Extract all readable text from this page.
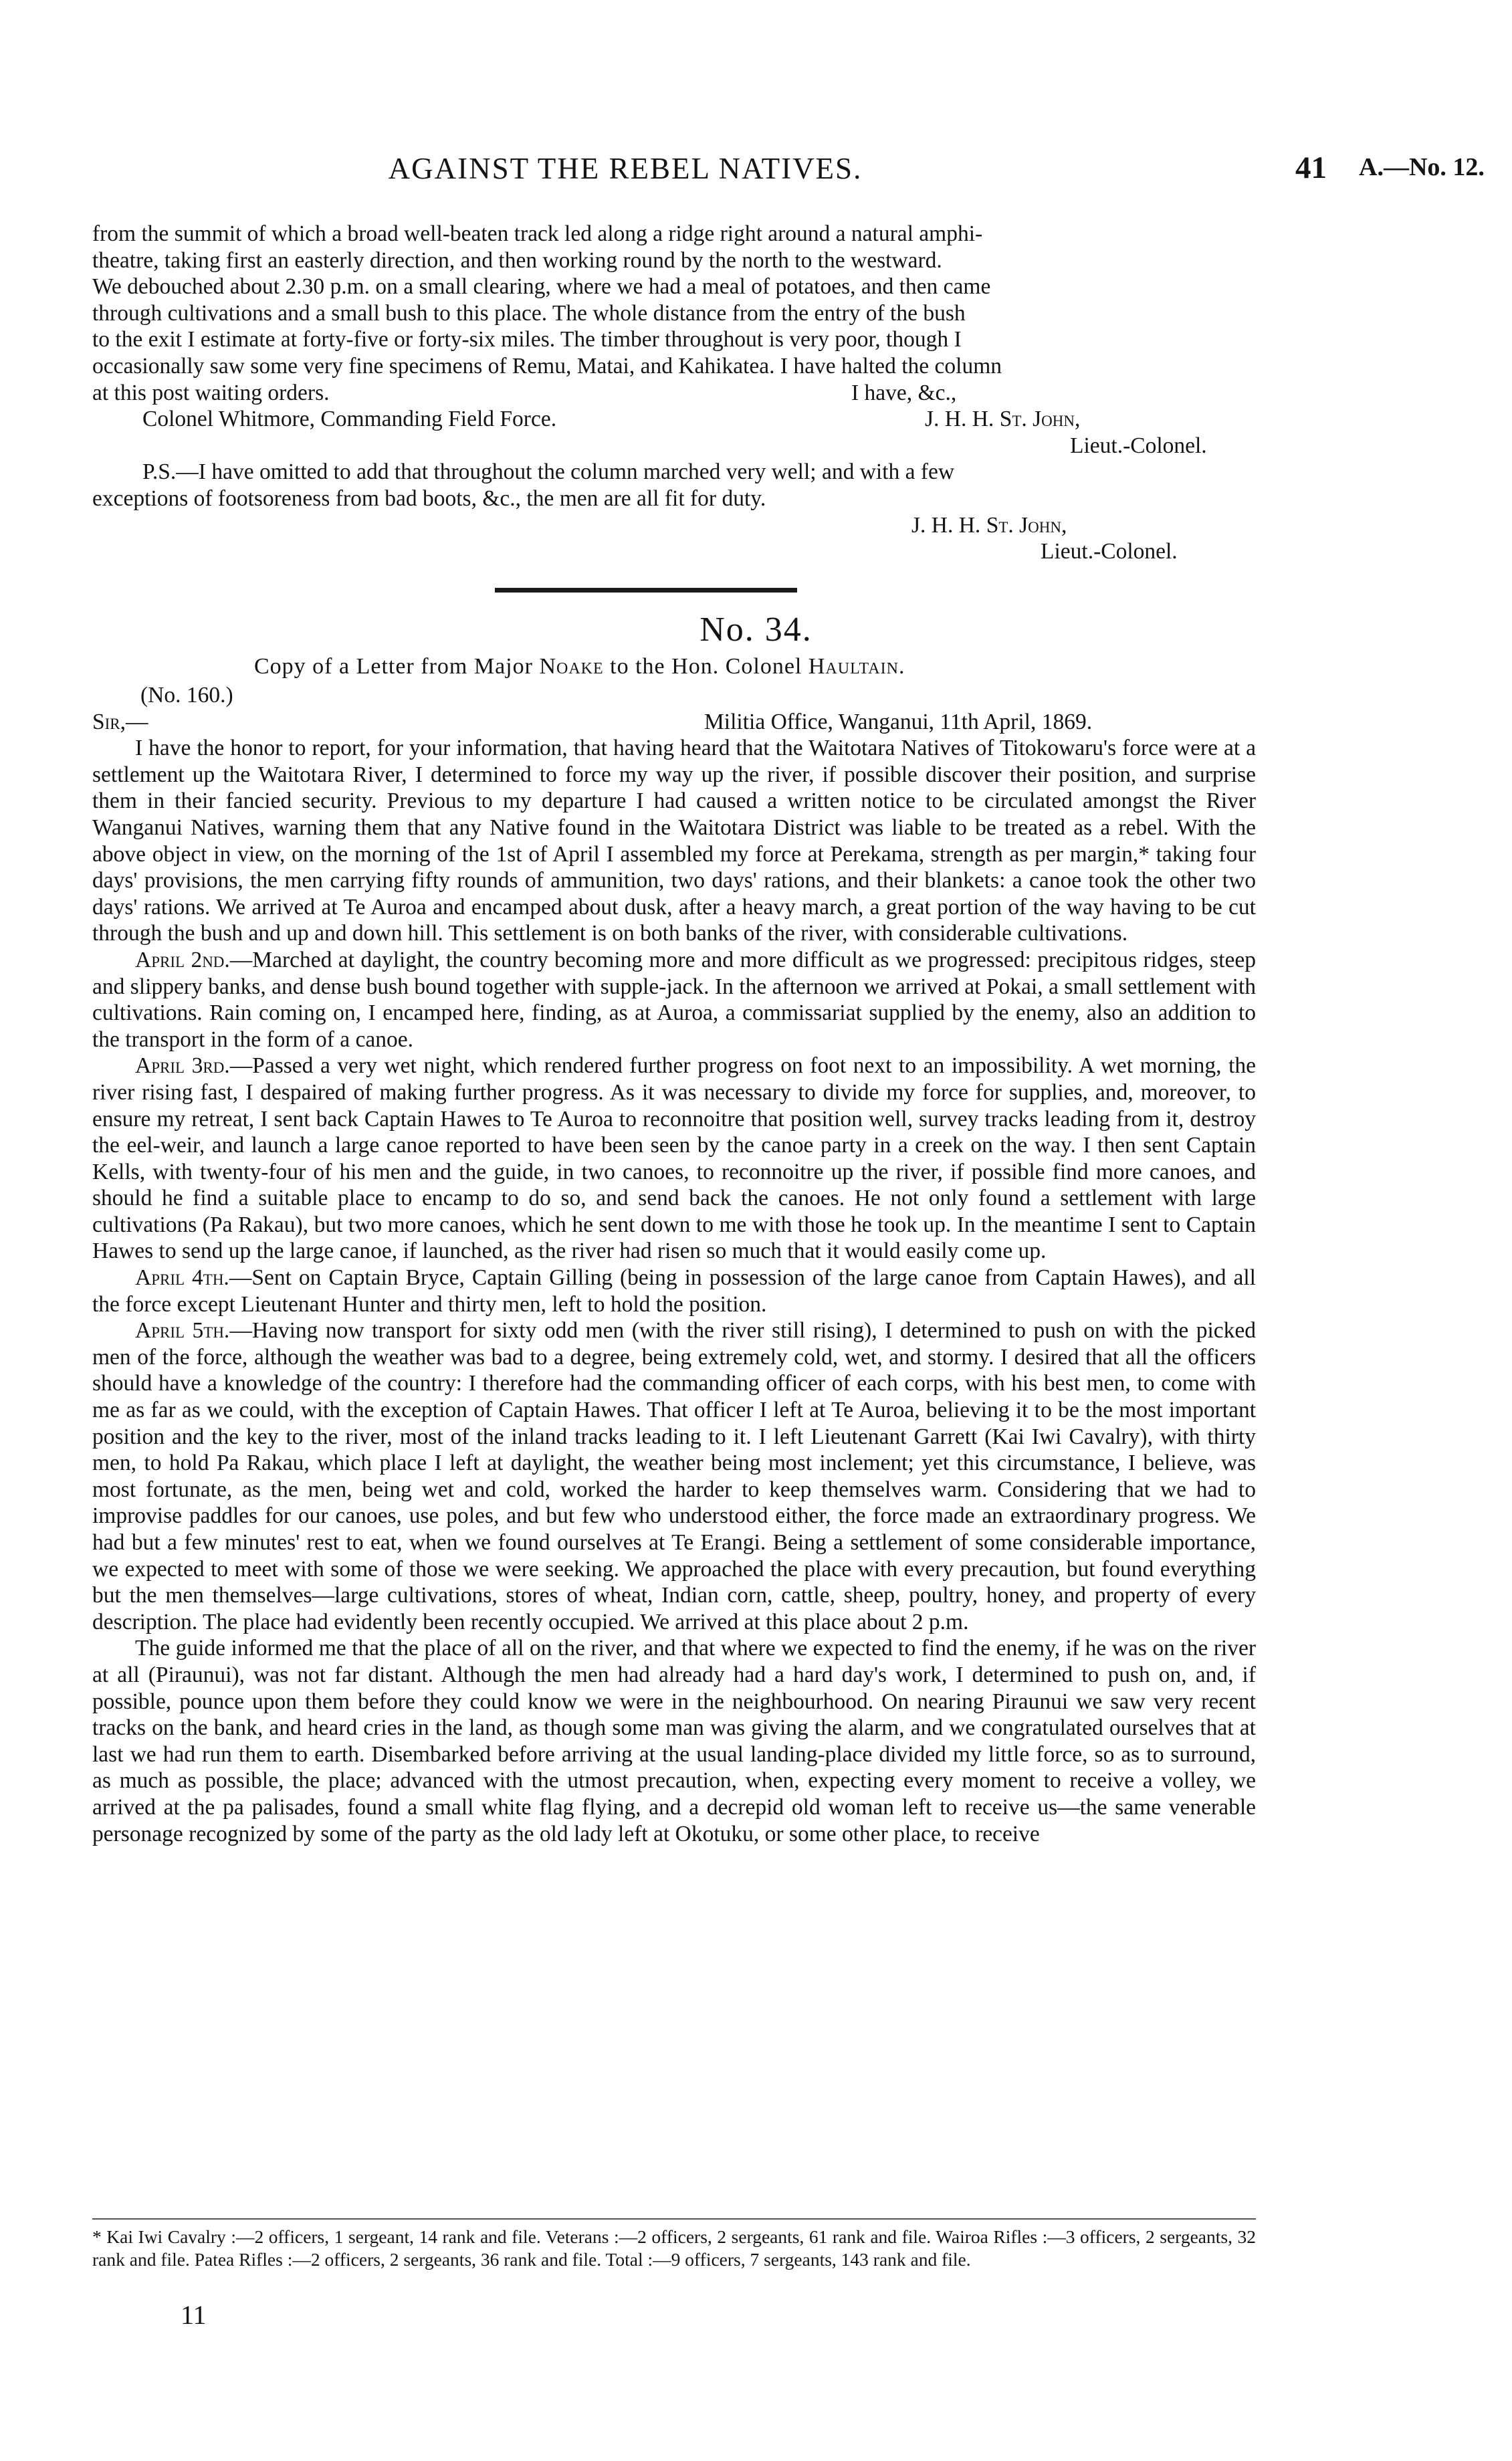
AGAINST THE REBEL NATIVES.	41 A.—No. 12.
from the summit of which a broad well-beaten track led along a ridge right around a natural amphi-
theatre, taking first an easterly direction, and then working round by the north to the westward.
We debouched about 2.30 p.m. on a small clearing, where we had a meal of potatoes, and then came
through cultivations and a small bush to this place. The whole distance from the entry of the bush
to the exit I estimate at forty-five or forty-six miles. The timber throughout is very poor, though I
occasionally saw some very fine specimens of Remu, Matai, and Kahikatea. I have halted the column
at this post waiting orders.	I have, &c.,
Colonel Whitmore, Commanding Field Force.	J. H. H. St. John,
Lieut.-Colonel.
P.S.—I have omitted to add that throughout the column marched very well; and with a few
exceptions of footsoreness from bad boots, &c., the men are all fit for duty.
J. H. H. St. John,
Lieut.-Colonel.
No. 34.
Copy of a Letter from Major Noake to the Hon. Colonel Haultain.
(No. 160.)
Sir,—	Militia Office, Wanganui, 11th April, 1869.

I have the honor to report, for your information, that having heard that the Waitotara Natives of Titokowaru's force were at a settlement up the Waitotara River, I determined to force my way up the river, if possible discover their position, and surprise them in their fancied security. Previous to my departure I had caused a written notice to be circulated amongst the River Wanganui Natives, warning them that any Native found in the Waitotara District was liable to be treated as a rebel. With the above object in view, on the morning of the 1st of April I assembled my force at Perekama, strength as per margin,* taking four days' provisions, the men carrying fifty rounds of ammunition, two days' rations, and their blankets: a canoe took the other two days' rations. We arrived at Te Auroa and encamped about dusk, after a heavy march, a great portion of the way having to be cut through the bush and up and down hill. This settlement is on both banks of the river, with considerable cultivations.

April 2nd.—Marched at daylight, the country becoming more and more difficult as we progressed: precipitous ridges, steep and slippery banks, and dense bush bound together with supple-jack. In the afternoon we arrived at Pokai, a small settlement with cultivations. Rain coming on, I encamped here, finding, as at Auroa, a commissariat supplied by the enemy, also an addition to the transport in the form of a canoe.

April 3rd.—Passed a very wet night, which rendered further progress on foot next to an impossibility. A wet morning, the river rising fast, I despaired of making further progress. As it was necessary to divide my force for supplies, and, moreover, to ensure my retreat, I sent back Captain Hawes to Te Auroa to reconnoitre that position well, survey tracks leading from it, destroy the eel-weir, and launch a large canoe reported to have been seen by the canoe party in a creek on the way. I then sent Captain Kells, with twenty-four of his men and the guide, in two canoes, to reconnoitre up the river, if possible find more canoes, and should he find a suitable place to encamp to do so, and send back the canoes. He not only found a settlement with large cultivations (Pa Rakau), but two more canoes, which he sent down to me with those he took up. In the meantime I sent to Captain Hawes to send up the large canoe, if launched, as the river had risen so much that it would easily come up.

April 4th.—Sent on Captain Bryce, Captain Gilling (being in possession of the large canoe from Captain Hawes), and all the force except Lieutenant Hunter and thirty men, left to hold the position.

April 5th.—Having now transport for sixty odd men (with the river still rising), I determined to push on with the picked men of the force, although the weather was bad to a degree, being extremely cold, wet, and stormy. I desired that all the officers should have a knowledge of the country: I therefore had the commanding officer of each corps, with his best men, to come with me as far as we could, with the exception of Captain Hawes. That officer I left at Te Auroa, believing it to be the most important position and the key to the river, most of the inland tracks leading to it. I left Lieutenant Garrett (Kai Iwi Cavalry), with thirty men, to hold Pa Rakau, which place I left at daylight, the weather being most inclement; yet this circumstance, I believe, was most fortunate, as the men, being wet and cold, worked the harder to keep themselves warm. Considering that we had to improvise paddles for our canoes, use poles, and but few who understood either, the force made an extraordinary progress. We had but a few minutes' rest to eat, when we found ourselves at Te Erangi. Being a settlement of some considerable importance, we expected to meet with some of those we were seeking. We approached the place with every precaution, but found everything but the men themselves—large cultivations, stores of wheat, Indian corn, cattle, sheep, poultry, honey, and property of every description. The place had evidently been recently occupied. We arrived at this place about 2 p.m.

The guide informed me that the place of all on the river, and that where we expected to find the enemy, if he was on the river at all (Piraunui), was not far distant. Although the men had already had a hard day's work, I determined to push on, and, if possible, pounce upon them before they could know we were in the neighbourhood. On nearing Piraunui we saw very recent tracks on the bank, and heard cries in the land, as though some man was giving the alarm, and we congratulated ourselves that at last we had run them to earth. Disembarked before arriving at the usual landing-place divided my little force, so as to surround, as much as possible, the place; advanced with the utmost precaution, when, expecting every moment to receive a volley, we arrived at the pa palisades, found a small white flag flying, and a decrepid old woman left to receive us—the same venerable personage recognized by some of the party as the old lady left at Okotuku, or some other place, to receive

* Kai Iwi Cavalry :—2 officers, 1 sergeant, 14 rank and file. Veterans :—2 officers, 2 sergeants, 61 rank and file. Wairoa Rifles :—3 officers, 2 sergeants, 32 rank and file. Patea Rifles :—2 officers, 2 sergeants, 36 rank and file. Total :—9 officers, 7 sergeants, 143 rank and file.
11
